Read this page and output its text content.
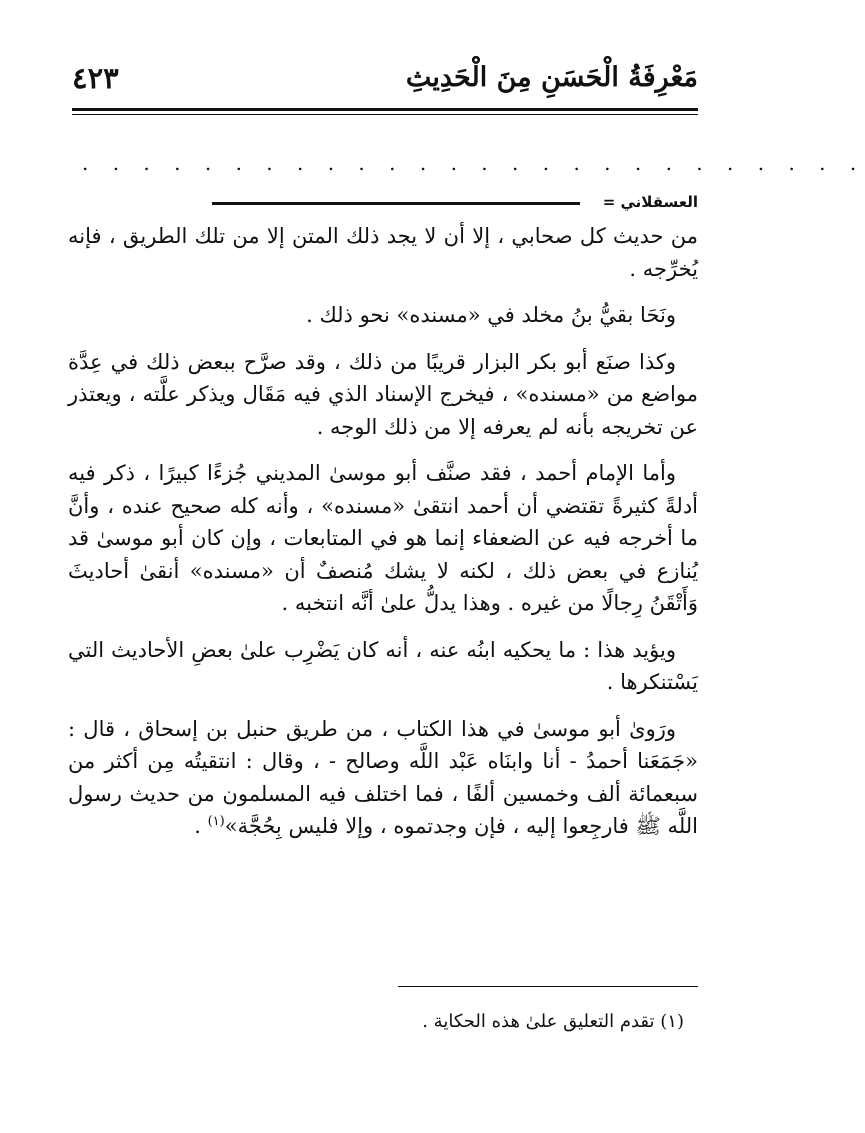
مَعْرِفَةُ الْحَسَنِ مِنَ الْحَدِيثِ
٤٢٣
. . . . . . . . . . . . . . . . . . . . . . . . . .
العسقلاني =

من حديث كل صحابي ، إلا أن لا يجد ذلك المتن إلا من تلك الطريق ، فإنه يُخرِّجه .

ونَحَا بقيُّ بنُ مخلد في «مسنده» نحو ذلك .

وكذا صنَع أبو بكر البزار قريبًا من ذلك ، وقد صرَّح ببعض ذلك في عِدَّة مواضع من «مسنده» ، فيخرج الإسناد الذي فيه مَقَال ويذكر علَّته ، ويعتذر عن تخريجه بأنه لم يعرفه إلا من ذلك الوجه .

وأما الإمام أحمد ، فقد صنَّف أبو موسىٰ المديني جُزءًا كبيرًا ، ذكر فيه أدلةً كثيرةً تقتضي أن أحمد انتقىٰ «مسنده» ، وأنه كله صحيح عنده ، وأنَّ ما أخرجه فيه عن الضعفاء إنما هو في المتابعات ، وإن كان أبو موسىٰ قد يُنازع في بعض ذلك ، لكنه لا يشك مُنصفٌ أن «مسنده» أنقىٰ أحاديثَ وَأَتْقَنُ رِجالًا من غيره . وهذا يدلُّ علىٰ أنَّه انتخبه .

ويؤيد هذا : ما يحكيه ابنُه عنه ، أنه كان يَضْرِب علىٰ بعضِ الأحاديث التي يَسْتنكرها .

ورَوىٰ أبو موسىٰ في هذا الكتاب ، من طريق حنبل بن إسحاق ، قال : «جَمَعَنا أحمدُ - أنا وابنَاه عَبْد اللَّه وصالح - ، وقال : انتقيتُه مِن أكثر من سبعمائة ألف وخمسين ألفًا ، فما اختلف فيه المسلمون من حديث رسول اللَّه ﷺ فارجِعوا إليه ، فإن وجدتموه ، وإلا فليس بِحُجَّة»$^{(١)}$ .

(١) تقدم التعليق علىٰ هذه الحكاية .
